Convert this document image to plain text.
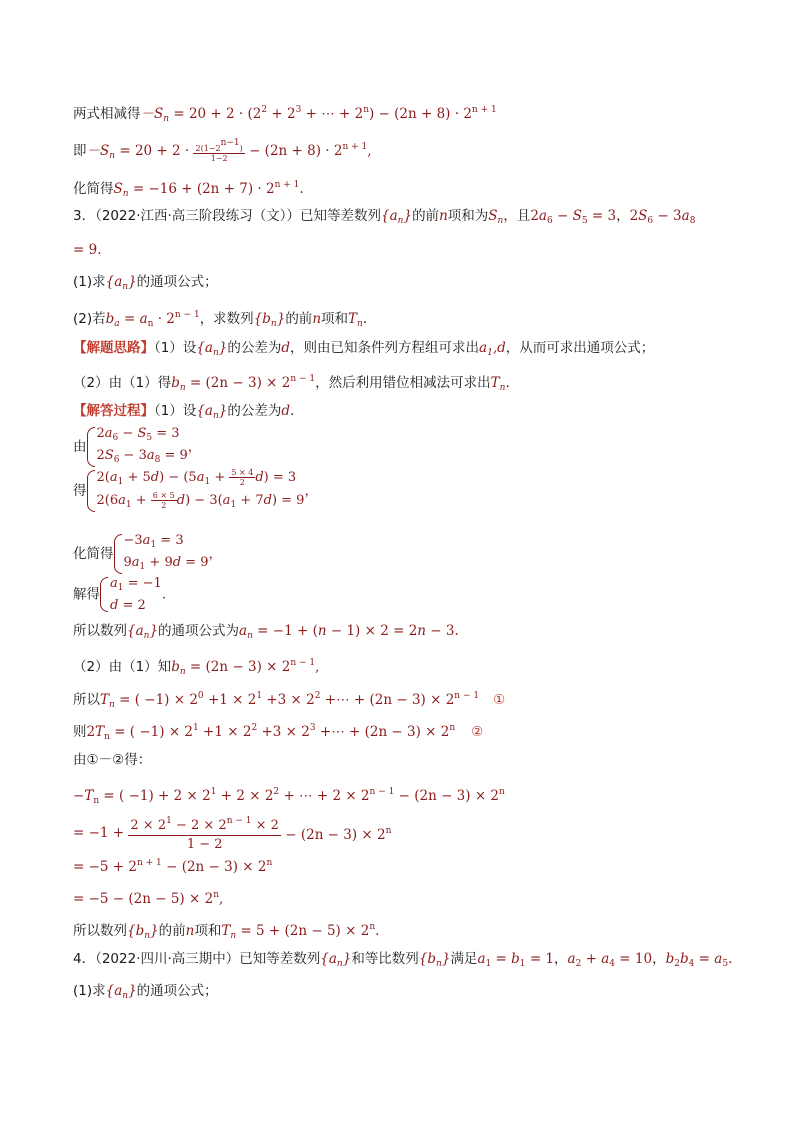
两式相减得$-S_n = 20 + 2 \cdot (2^2 + 2^3$ + ⋯ + $2^n) - (2n + 8) \cdot 2^{n + 1}$
即$-S_n = 20 + 2 \cdot \frac{2(1-2^{n-1})}{1-2} - (2n + 8) \cdot 2^{n + 1}$,
化简得$S_n = -16 + (2n + 7) \cdot 2^{n + 1}$.
3．（2022·江西·高三阶段练习（文））已知等差数列$\{a_n\}$的前n项和为$S_n$，且$2a_6 - S_5 = 3$，$2S_6 - 3a_8$
= 9.
(1)求$\{a_n\}$的通项公式；
(2)若$b_a = a_n \cdot 2^{n - 1}$，求数列$\{b_n\}$的前n项和$T_n$.
【解题思路】（1）设$\{a_n\}$的公差为d，则由已知条件列方程组可求出$a_1,d$，从而可求出通项公式；
（2）由（1）得$b_n = (2n - 3) \times 2^{n - 1}$，然后利用错位相减法可求出$T_n$.
【解答过程】（1）设$\{a_n\}$的公差为d.
由
$2a_6 - S_5 = 3$
$2S_6 - 3a_8 = 9$
，
得
$2(a_1 + 5d) - (5a_1 + \frac{5 \times 4}{2} d) = 3$
$2(6a_1 + \frac{6 \times 5}{2} d) - 3(a_1 + 7d) = 9$
，
化简得
$-3a_1 = 3$
$9a_1 + 9d = 9$
，
解得
$a_1 = -1$
d = 2
．
所以数列$\{a_n\}$的通项公式为$a_n = -1 + (n - 1) \times 2 = 2n - 3$.
（2）由（1）知$b_n = (2n - 3) \times 2^{n - 1}$,
所以$T_n$ = ( $-1) \times 2^0 +1 \times 2^1 +3 \times 2^2$ +⋯ + $(2n - 3) \times 2^{n - 1}$ ①
则$2T_n$ = ( $-1) \times 2^1 +1 \times 2^2 +3 \times 2^3$ +⋯ + $(2n - 3) \times 2^n$ ②
由①－②得：
$-T_n$ = ( $-1) + 2 \times 2^1 + 2 \times 2^2$ + ⋯ + $2 \times 2^{n - 1} - (2n - 3) \times 2^n$
= $-1 + \frac{2 \times 2^1 - 2 \times 2^{n - 1} \times 2}{1 - 2} - (2n - 3) \times 2^n$
= $-5 + 2^{n + 1} - (2n - 3) \times 2^n$
= $-5 - (2n - 5) \times 2^n$,
所以数列$\{b_n\}$的前n项和$T_n = 5 + (2n - 5) \times 2^n$.
4．（2022·四川·高三期中）已知等差数列$\{a_n\}$和等比数列$\{b_n\}$满足$a_1 = b_1 = 1$，$a_2 + a_4 = 10$，$b_2b_4 = a_5$.
(1)求$\{a_n\}$的通项公式；
